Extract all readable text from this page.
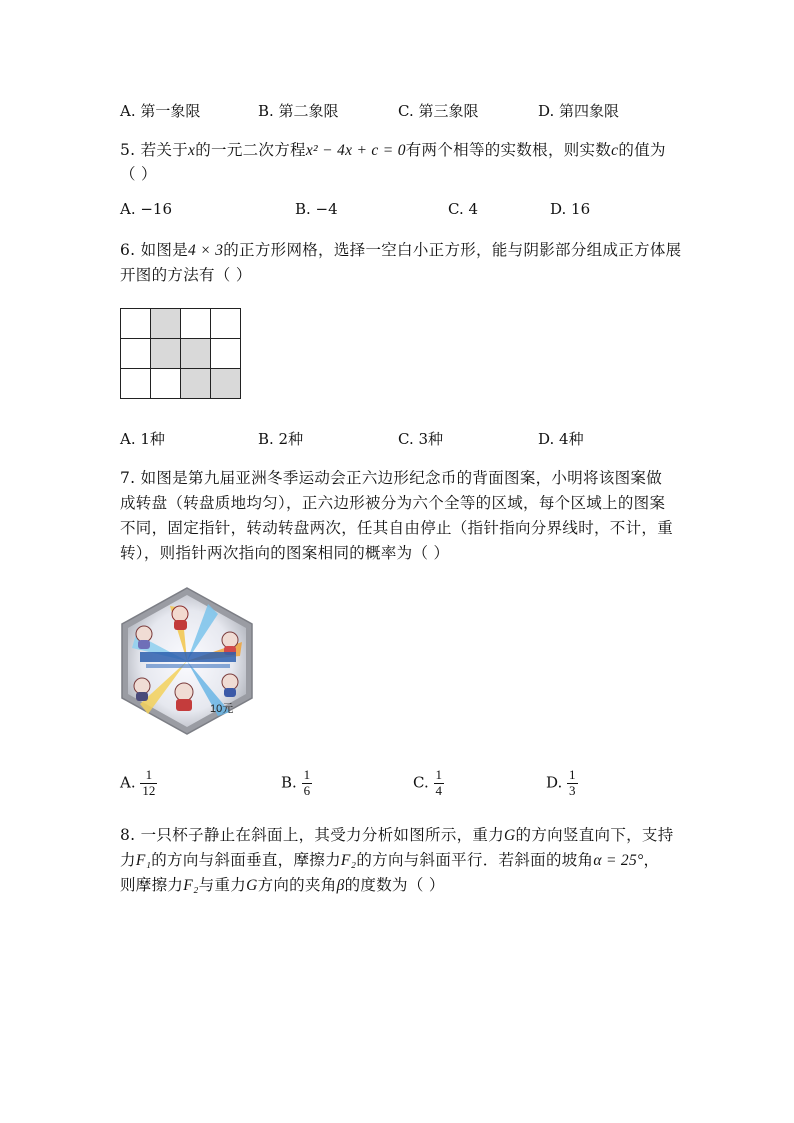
A. 第一象限	B. 第二象限	C. 第三象限	D. 第四象限
5. 若关于x的一元二次方程x² − 4x + c = 0有两个相等的实数根，则实数c的值为
（ ）
A. −16	B. −4	C. 4	D. 16
6. 如图是4 × 3的正方形网格，选择一空白小正方形，能与阴影部分组成正方体展
开图的方法有（ ）

A. 1种	B. 2种	C. 3种	D. 4种
7. 如图是第九届亚洲冬季运动会正六边形纪念币的背面图案，小明将该图案做
成转盘（转盘质地均匀），正六边形被分为六个全等的区域，每个区域上的图案
不同，固定指针，转动转盘两次，任其自由停止（指针指向分界线时，不计，重
转），则指针两次指向的图案相同的概率为（ ）
10元
A. $\frac{1}{12}$	B. $\frac{1}{6}$	C. $\frac{1}{4}$	D. $\frac{1}{3}$
8. 一只杯子静止在斜面上，其受力分析如图所示，重力G的方向竖直向下，支持
力F₁的方向与斜面垂直，摩擦力F₂的方向与斜面平行．若斜面的坡角α = 25°，
则摩擦力F₂与重力G方向的夹角β的度数为（ ）
